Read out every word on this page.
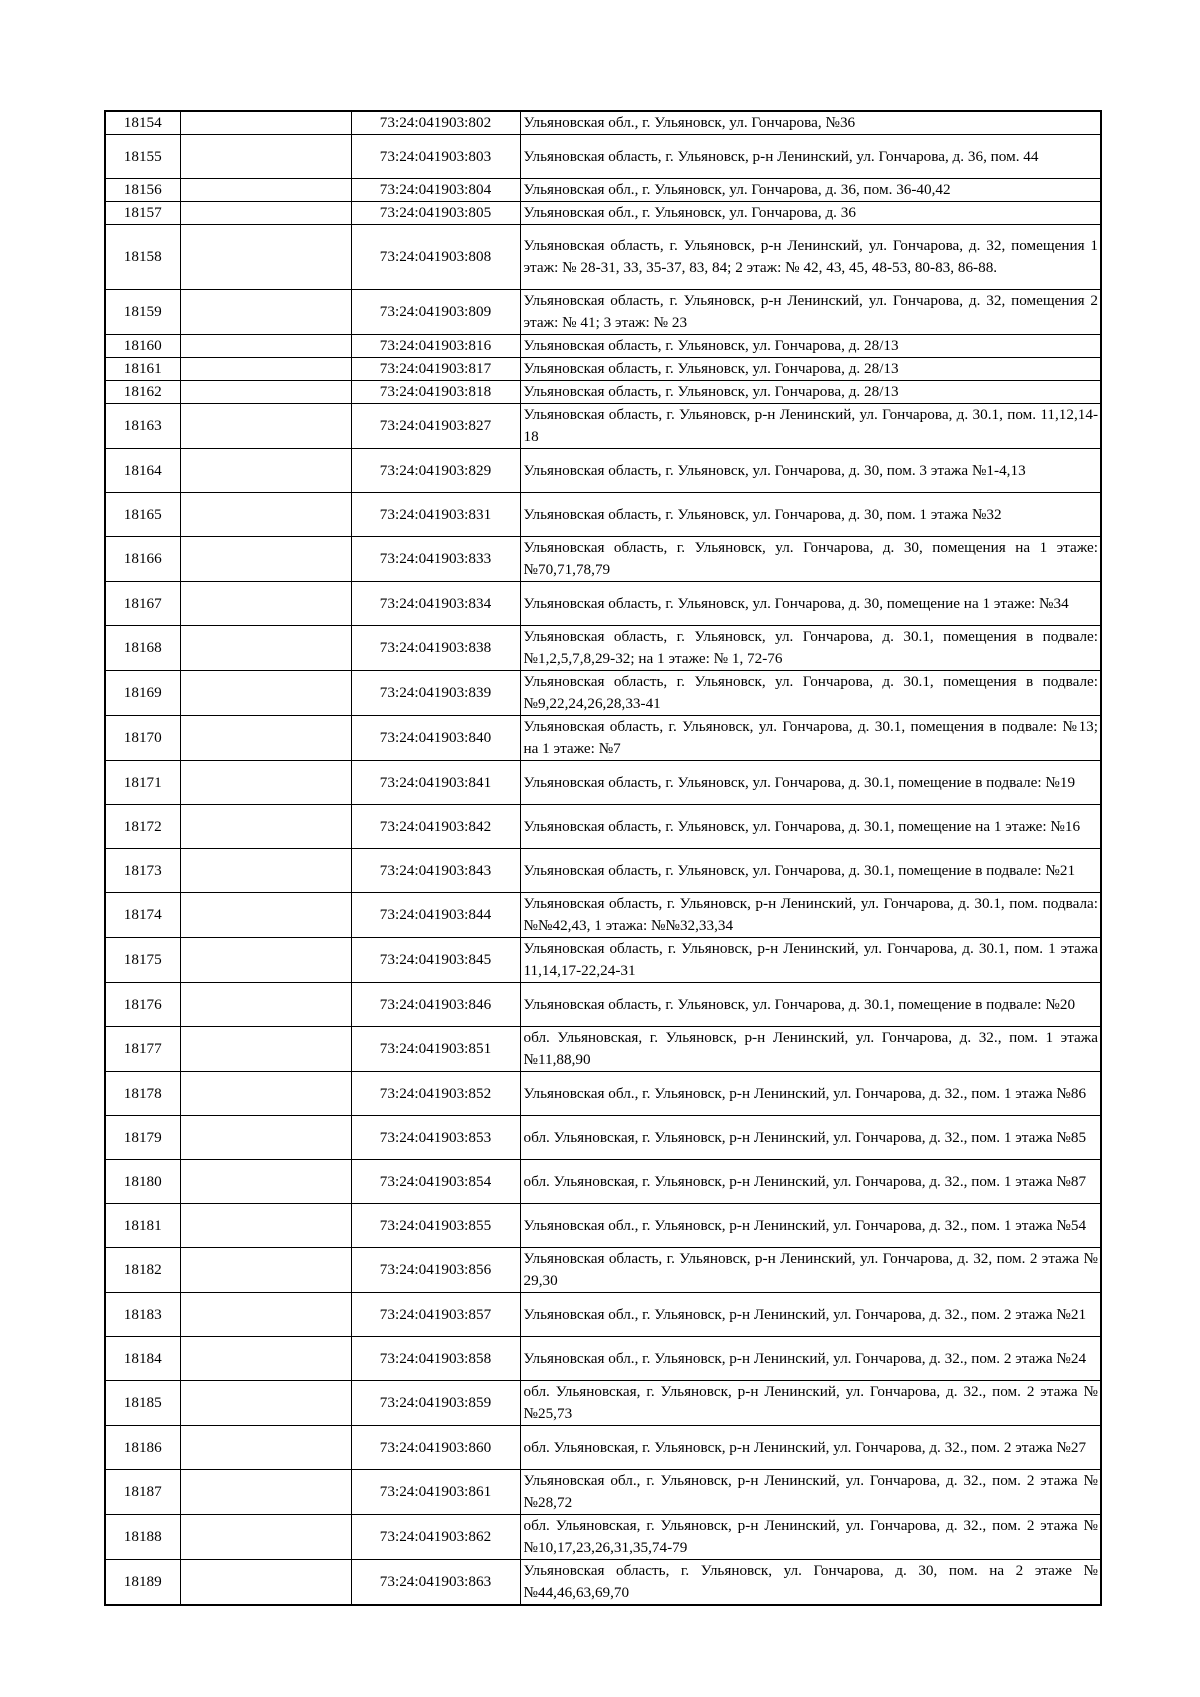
18154		73:24:041903:802	Ульяновская обл., г. Ульяновск, ул. Гончарова, №36
18155		73:24:041903:803	Ульяновская область, г. Ульяновск, р-н Ленинский, ул. Гончарова, д. 36, пом. 44
18156		73:24:041903:804	Ульяновская обл., г. Ульяновск, ул. Гончарова, д. 36, пом. 36-40,42
18157		73:24:041903:805	Ульяновская обл., г. Ульяновск, ул. Гончарова, д. 36
18158		73:24:041903:808	Ульяновская область, г. Ульяновск, р-н Ленинский, ул. Гончарова, д. 32, помещения 1 этаж: № 28-31, 33, 35-37, 83, 84; 2 этаж: № 42, 43, 45, 48-53, 80-83, 86-88.
18159		73:24:041903:809	Ульяновская область, г. Ульяновск, р-н Ленинский, ул. Гончарова, д. 32, помещения 2 этаж: № 41; 3 этаж: № 23
18160		73:24:041903:816	Ульяновская область, г. Ульяновск, ул. Гончарова, д. 28/13
18161		73:24:041903:817	Ульяновская область, г. Ульяновск, ул. Гончарова, д. 28/13
18162		73:24:041903:818	Ульяновская область, г. Ульяновск, ул. Гончарова, д. 28/13
18163		73:24:041903:827	Ульяновская область, г. Ульяновск, р-н Ленинский, ул. Гончарова, д. 30.1, пом. 11,12,14-18
18164		73:24:041903:829	Ульяновская область, г. Ульяновск, ул. Гончарова, д. 30, пом. 3 этажа №1-4,13
18165		73:24:041903:831	Ульяновская область, г. Ульяновск, ул. Гончарова, д. 30, пом. 1 этажа №32
18166		73:24:041903:833	Ульяновская область, г. Ульяновск, ул. Гончарова, д. 30, помещения на 1 этаже: №70,71,78,79
18167		73:24:041903:834	Ульяновская область, г. Ульяновск, ул. Гончарова, д. 30, помещение на 1 этаже: №34
18168		73:24:041903:838	Ульяновская область, г. Ульяновск, ул. Гончарова, д. 30.1, помещения в подвале: №1,2,5,7,8,29-32; на 1 этаже: № 1, 72-76
18169		73:24:041903:839	Ульяновская область, г. Ульяновск, ул. Гончарова, д. 30.1, помещения в подвале: №9,22,24,26,28,33-41
18170		73:24:041903:840	Ульяновская область, г. Ульяновск, ул. Гончарова, д. 30.1, помещения в подвале: №13; на 1 этаже: №7
18171		73:24:041903:841	Ульяновская область, г. Ульяновск, ул. Гончарова, д. 30.1, помещение в подвале: №19
18172		73:24:041903:842	Ульяновская область, г. Ульяновск, ул. Гончарова, д. 30.1, помещение на 1 этаже: №16
18173		73:24:041903:843	Ульяновская область, г. Ульяновск, ул. Гончарова, д. 30.1, помещение в подвале: №21
18174		73:24:041903:844	Ульяновская область, г. Ульяновск, р-н Ленинский, ул. Гончарова, д. 30.1, пом. подвала: №№42,43, 1 этажа: №№32,33,34
18175		73:24:041903:845	Ульяновская область, г. Ульяновск, р-н Ленинский, ул. Гончарова, д. 30.1, пом. 1 этажа 11,14,17-22,24-31
18176		73:24:041903:846	Ульяновская область, г. Ульяновск, ул. Гончарова, д. 30.1, помещение в подвале: №20
18177		73:24:041903:851	обл. Ульяновская, г. Ульяновск, р-н Ленинский, ул. Гончарова, д. 32., пом. 1 этажа №11,88,90
18178		73:24:041903:852	Ульяновская обл., г. Ульяновск, р-н Ленинский, ул. Гончарова, д. 32., пом. 1 этажа №86
18179		73:24:041903:853	обл. Ульяновская, г. Ульяновск, р-н Ленинский, ул. Гончарова, д. 32., пом. 1 этажа №85
18180		73:24:041903:854	обл. Ульяновская, г. Ульяновск, р-н Ленинский, ул. Гончарова, д. 32., пом. 1 этажа №87
18181		73:24:041903:855	Ульяновская обл., г. Ульяновск, р-н Ленинский, ул. Гончарова, д. 32., пом. 1 этажа №54
18182		73:24:041903:856	Ульяновская область, г. Ульяновск, р-н Ленинский, ул. Гончарова, д. 32, пом. 2 этажа № 29,30
18183		73:24:041903:857	Ульяновская обл., г. Ульяновск, р-н Ленинский, ул. Гончарова, д. 32., пом. 2 этажа №21
18184		73:24:041903:858	Ульяновская обл., г. Ульяновск, р-н Ленинский, ул. Гончарова, д. 32., пом. 2 этажа №24
18185		73:24:041903:859	обл. Ульяновская, г. Ульяновск, р-н Ленинский, ул. Гончарова, д. 32., пом. 2 этажа №№25,73
18186		73:24:041903:860	обл. Ульяновская, г. Ульяновск, р-н Ленинский, ул. Гончарова, д. 32., пом. 2 этажа №27
18187		73:24:041903:861	Ульяновская обл., г. Ульяновск, р-н Ленинский, ул. Гончарова, д. 32., пом. 2 этажа №№28,72
18188		73:24:041903:862	обл. Ульяновская, г. Ульяновск, р-н Ленинский, ул. Гончарова, д. 32., пом. 2 этажа №№10,17,23,26,31,35,74-79
18189		73:24:041903:863	Ульяновская область, г. Ульяновск, ул. Гончарова, д. 30, пом. на 2 этаже №№44,46,63,69,70
